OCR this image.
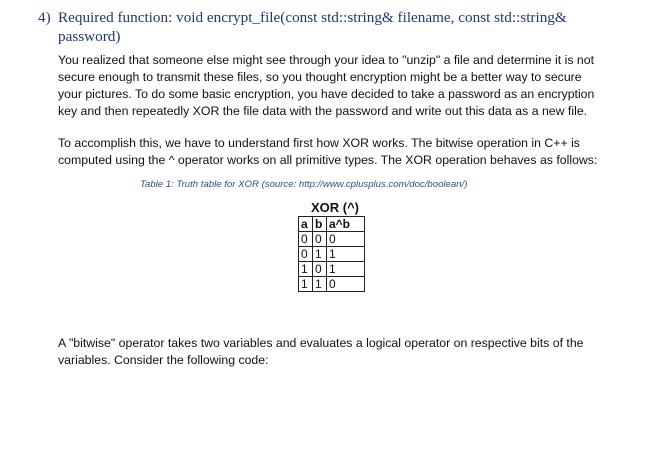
4) Required function: void encrypt_file(const std::string& filename, const std::string& password)
You realized that someone else might see through your idea to "unzip" a file and determine it is not
secure enough to transmit these files, so you thought encryption might be a better way to secure
your pictures. To do some basic encryption, you have decided to take a password as an encryption
key and then repeatedly XOR the file data with the password and write out this data as a new file.
To accomplish this, we have to understand first how XOR works. The bitwise operation in C++ is
computed using the ^ operator works on all primitive types. The XOR operation behaves as follows:
Table 1: Truth table for XOR (source: http://www.cplusplus.com/doc/boolean/)
XOR (^)
a	b	a^b
0	0	0
0	1	1
1	0	1
1	1	0
A "bitwise" operator takes two variables and evaluates a logical operator on respective bits of the
variables. Consider the following code:
